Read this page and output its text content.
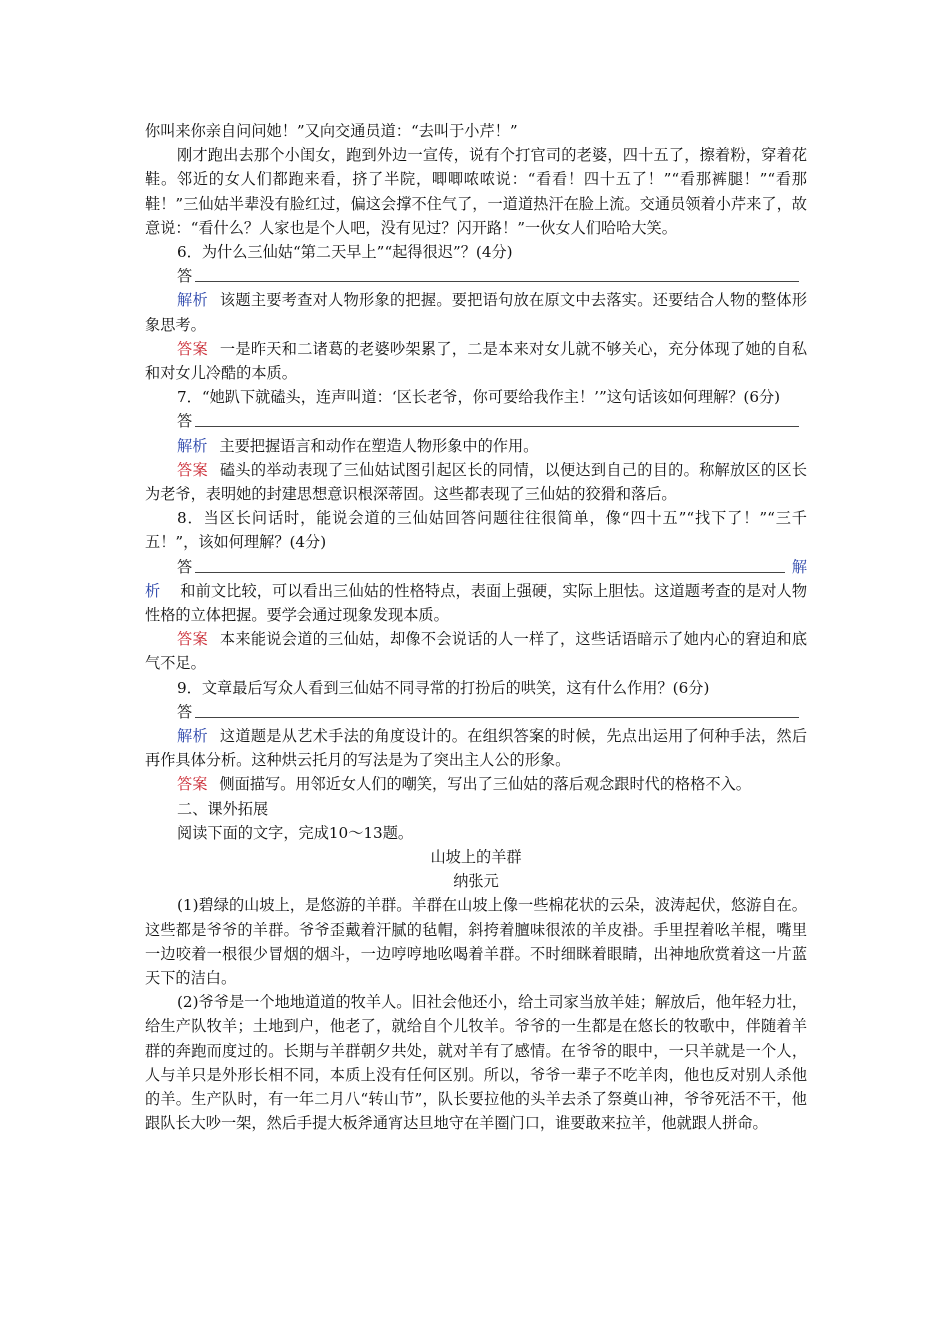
你叫来你亲自问问她！”又向交通员道：“去叫于小芹！”

刚才跑出去那个小闺女，跑到外边一宣传，说有个打官司的老婆，四十五了，擦着粉，穿着花鞋。邻近的女人们都跑来看，挤了半院，唧唧哝哝说：“看看！四十五了！”“看那裤腿！”“看那鞋！”三仙姑半辈没有脸红过，偏这会撑不住气了，一道道热汗在脸上流。交通员领着小芹来了，故意说：“看什么？人家也是个人吧，没有见过？闪开路！”一伙女人们哈哈大笑。

6．为什么三仙姑“第二天早上”“起得很迟”？(4分)

答

解析 该题主要考查对人物形象的把握。要把语句放在原文中去落实。还要结合人物的整体形象思考。

答案 一是昨天和二诸葛的老婆吵架累了，二是本来对女儿就不够关心，充分体现了她的自私和对女儿冷酷的本质。

7．“她趴下就磕头，连声叫道：‘区长老爷，你可要给我作主！’”这句话该如何理解？(6分)

答

解析 主要把握语言和动作在塑造人物形象中的作用。

答案 磕头的举动表现了三仙姑试图引起区长的同情，以便达到自己的目的。称解放区的区长为老爷，表明她的封建思想意识根深蒂固。这些都表现了三仙姑的狡猾和落后。

8．当区长问话时，能说会道的三仙姑回答问题往往很简单，像“四十五”“找下了！”“三千五！”，该如何理解？(4分)

答	解

析 和前文比较，可以看出三仙姑的性格特点，表面上强硬，实际上胆怯。这道题考查的是对人物性格的立体把握。要学会通过现象发现本质。

答案 本来能说会道的三仙姑，却像不会说话的人一样了，这些话语暗示了她内心的窘迫和底气不足。

9．文章最后写众人看到三仙姑不同寻常的打扮后的哄笑，这有什么作用？(6分)

答

解析 这道题是从艺术手法的角度设计的。在组织答案的时候，先点出运用了何种手法，然后再作具体分析。这种烘云托月的写法是为了突出主人公的形象。

答案 侧面描写。用邻近女人们的嘲笑，写出了三仙姑的落后观念跟时代的格格不入。

二、课外拓展

阅读下面的文字，完成10～13题。

山坡上的羊群

纳张元

(1)碧绿的山坡上，是悠游的羊群。羊群在山坡上像一些棉花状的云朵，波涛起伏，悠游自在。这些都是爷爷的羊群。爷爷歪戴着汗腻的毡帽，斜挎着膻味很浓的羊皮褂。手里捏着吆羊棍，嘴里一边咬着一根很少冒烟的烟斗，一边哼哼地吆喝着羊群。不时细眯着眼睛，出神地欣赏着这一片蓝天下的洁白。

(2)爷爷是一个地地道道的牧羊人。旧社会他还小，给土司家当放羊娃；解放后，他年轻力壮，给生产队牧羊；土地到户，他老了，就给自个儿牧羊。爷爷的一生都是在悠长的牧歌中，伴随着羊群的奔跑而度过的。长期与羊群朝夕共处，就对羊有了感情。在爷爷的眼中，一只羊就是一个人，人与羊只是外形长相不同，本质上没有任何区别。所以，爷爷一辈子不吃羊肉，他也反对别人杀他的羊。生产队时，有一年二月八“转山节”，队长要拉他的头羊去杀了祭奠山神，爷爷死活不干，他跟队长大吵一架，然后手提大板斧通宵达旦地守在羊圈门口，谁要敢来拉羊，他就跟人拼命。
